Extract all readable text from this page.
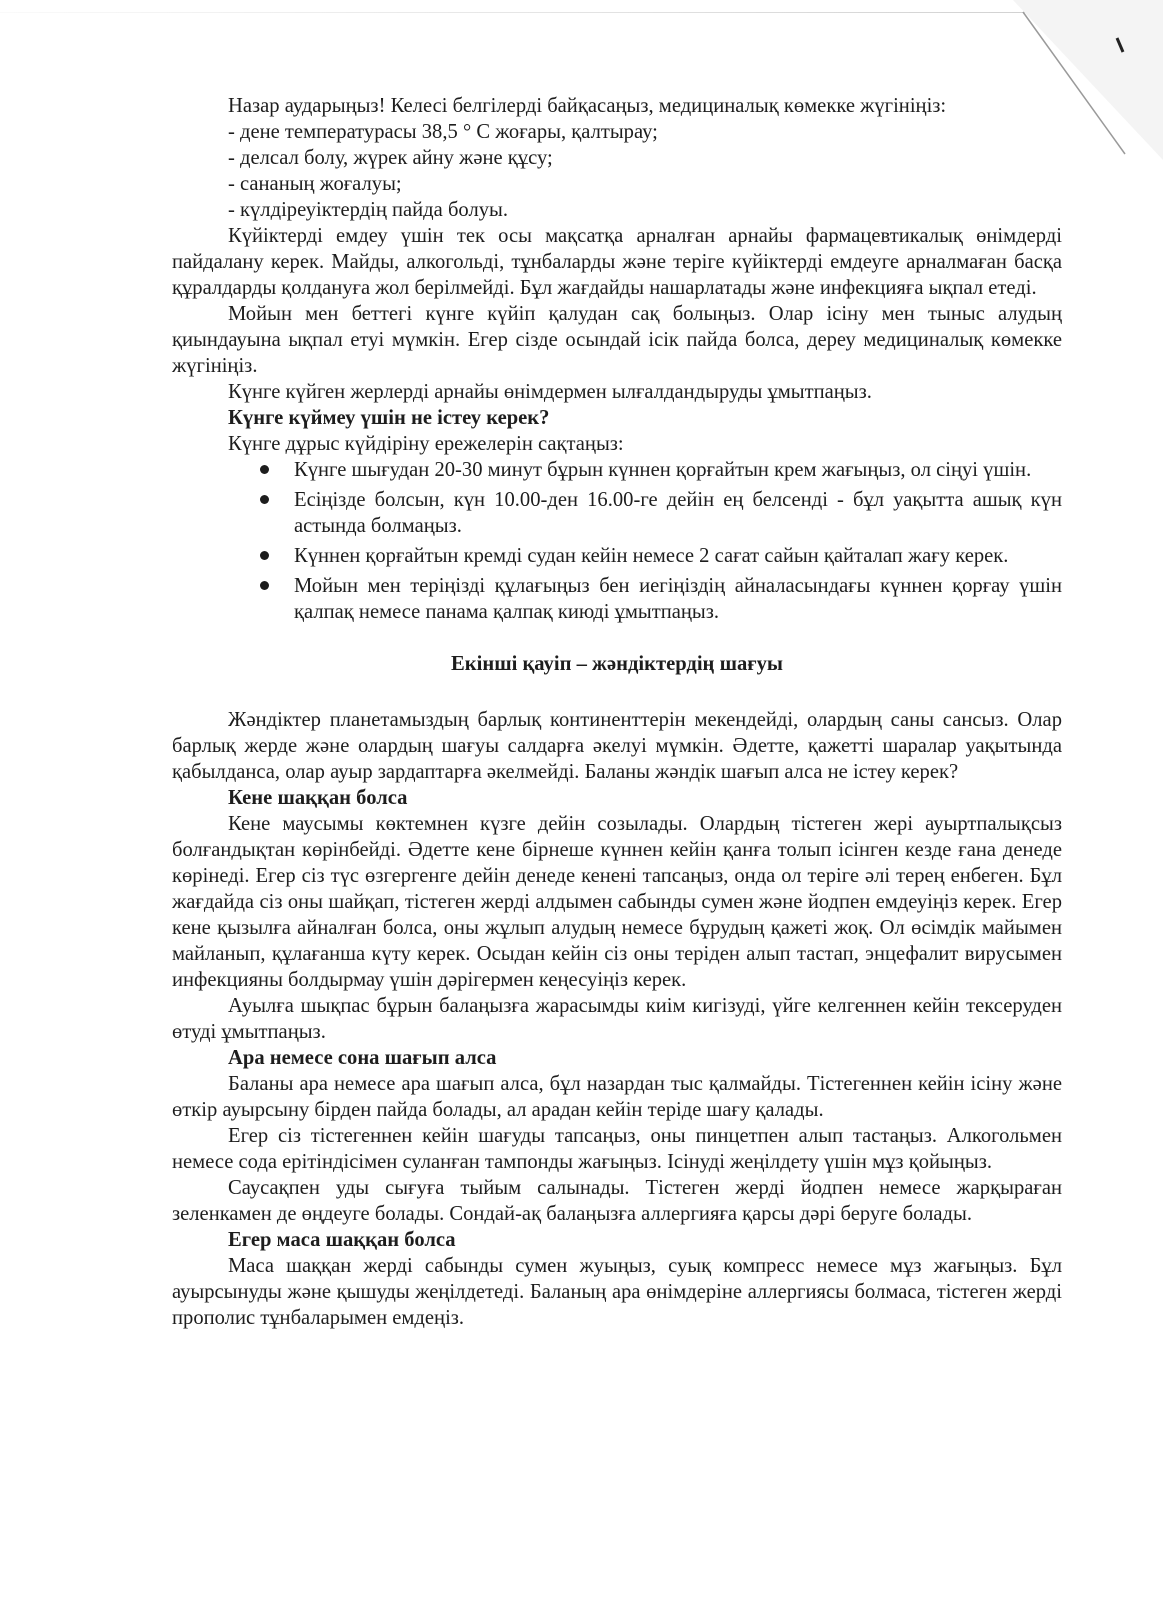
Назар аударыңыз! Келесі белгілерді байқасаңыз, медициналық көмекке жүгініңіз:

- дене температурасы 38,5 ° С жоғары, қалтырау;

- делсал болу, жүрек айну және құсу;

- сананың жоғалуы;

- күлдіреуіктердің пайда болуы.

Күйіктерді емдеу үшін тек осы мақсатқа арналған арнайы фармацевтикалық өнімдерді пайдалану керек. Майды, алкогольді, тұнбаларды және теріге күйіктерді емдеуге арналмаған басқа құралдарды қолдануға жол берілмейді. Бұл жағдайды нашарлатады және инфекцияға ықпал етеді.

Мойын мен беттегі күнге күйіп қалудан сақ болыңыз. Олар ісіну мен тыныс алудың қиындауына ықпал етуі мүмкін. Егер сізде осындай ісік пайда болса, дереу медициналық көмекке жүгініңіз.

Күнге күйген жерлерді арнайы өнімдермен ылғалдандыруды ұмытпаңыз.

Күнге күймеу үшін не істеу керек?

Күнге дұрыс күйдірiну ережелерін сақтаңыз:

Күнге шығудан 20-30 минут бұрын күннен қорғайтын крем жағыңыз, ол сіңуі үшін.
Есіңізде болсын, күн 10.00-ден 16.00-ге дейін ең белсенді - бұл уақытта ашық күн астында болмаңыз.
Күннен қорғайтын кремді судан кейін немесе 2 сағат сайын қайталап жағу керек.
Мойын мен теріңізді құлағыңыз бен иегіңіздің айналасындағы күннен қорғау үшін қалпақ немесе панама қалпақ киюді ұмытпаңыз.
Екінші қауіп – жәндіктердің шағуы

Жәндіктер планетамыздың барлық континенттерін мекендейді, олардың саны сансыз. Олар барлық жерде және олардың шағуы салдарға әкелуі мүмкін. Әдетте, қажетті шаралар уақытында қабылданса, олар ауыр зардаптарға әкелмейді. Баланы жәндік шағып алса не істеу керек?

Кене шаққан болса

Кене маусымы көктемнен күзге дейін созылады. Олардың тістеген жері ауыртпалықсыз болғандықтан көрінбейді. Әдетте кене бірнеше күннен кейін қанға толып ісінген кезде ғана денеде көрінеді. Егер сіз түс өзгергенге дейін денеде кенені тапсаңыз, онда ол теріге әлі терең енбеген. Бұл жағдайда сіз оны шайқап, тістеген жерді алдымен сабынды сумен және йодпен емдеуіңіз керек. Егер кене қызылға айналған болса, оны жұлып алудың немесе бұрудың қажеті жоқ. Ол өсімдік майымен майланып, құлағанша күту керек. Осыдан кейін сіз оны теріден алып тастап, энцефалит вирусымен инфекцияны болдырмау үшін дәрігермен кеңесуіңіз керек.

Ауылға шықпас бұрын балаңызға жарасымды киім кигізуді, үйге келгеннен кейін тексеруден өтуді ұмытпаңыз.

Ара немесе сона шағып алса

Баланы ара немесе ара шағып алса, бұл назардан тыс қалмайды. Тістегеннен кейін ісіну және өткір ауырсыну бірден пайда болады, ал арадан кейін теріде шағу қалады.

Егер сіз тістегеннен кейін шағуды тапсаңыз, оны пинцетпен алып тастаңыз. Алкогольмен немесе сода ерітіндісімен суланған тампонды жағыңыз. Ісінуді жеңілдету үшін мұз қойыңыз.

Саусақпен уды сығуға тыйым салынады. Тістеген жерді йодпен немесе жарқыраған зеленкамен де өңдеуге болады. Сондай-ақ балаңызға аллергияға қарсы дәрі беруге болады.

Егер маса шаққан болса

Маса шаққан жерді сабынды сумен жуыңыз, суық компресс немесе мұз жағыңыз. Бұл ауырсынуды және қышуды жеңілдетеді. Баланың ара өнімдеріне аллергиясы болмаса, тістеген жерді прополис тұнбаларымен емдеңіз.
